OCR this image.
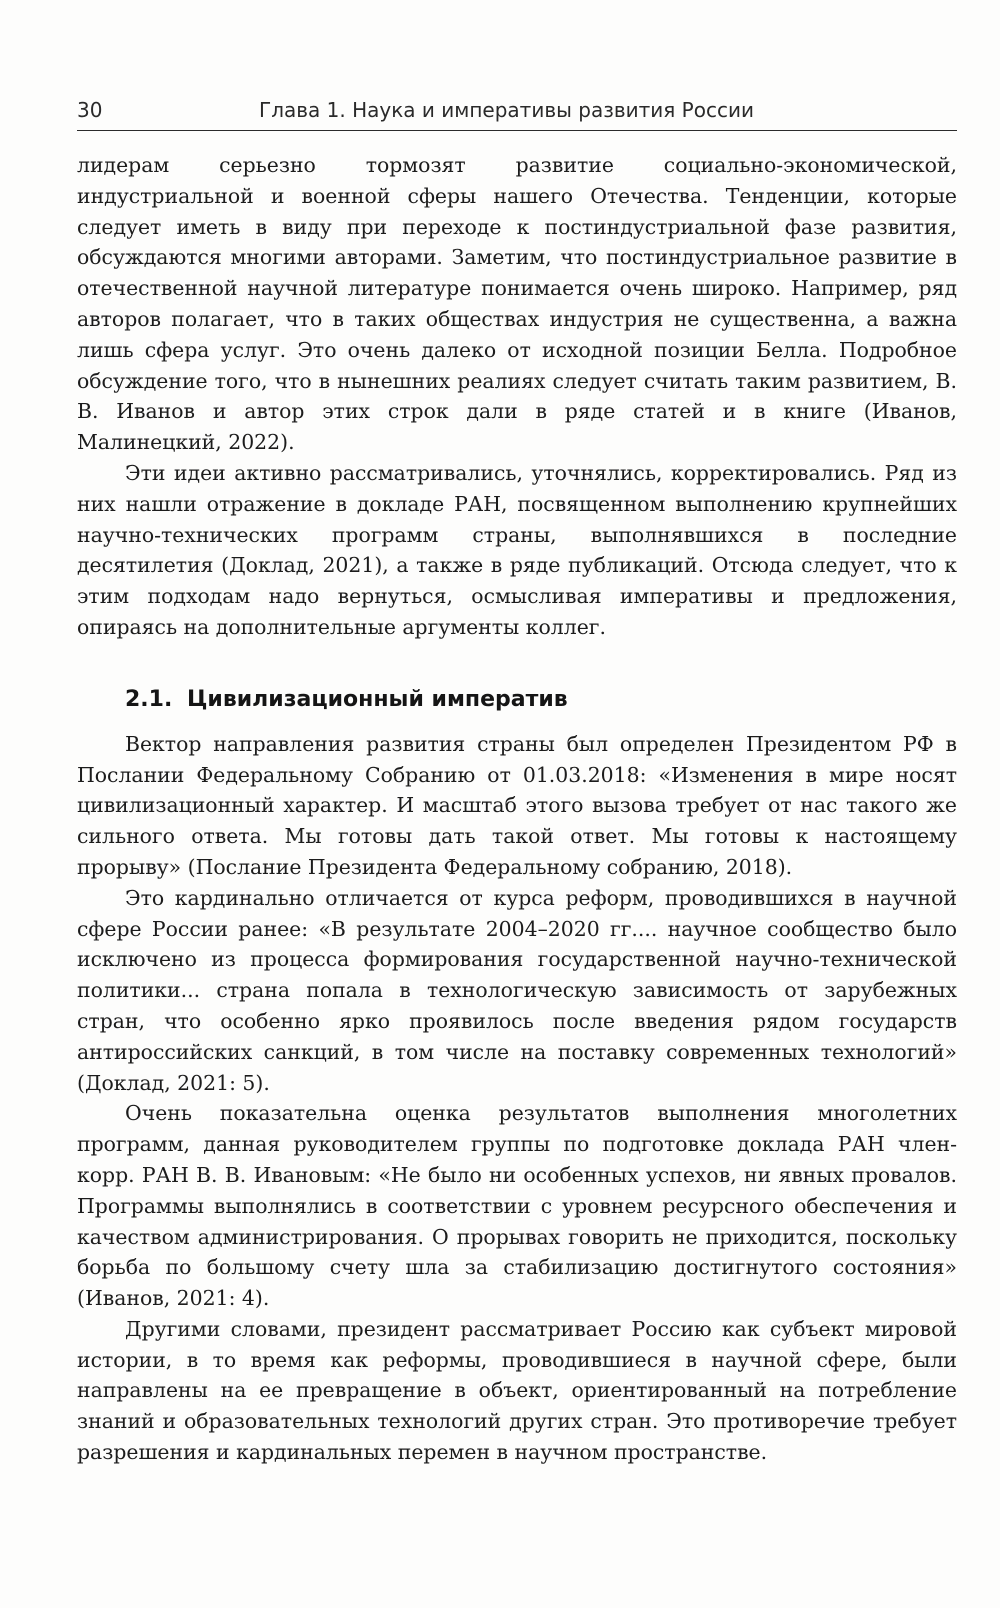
30	Глава 1. Наука и императивы развития России

лидерам серьезно тормозят развитие социально-экономической, индустриальной и военной сферы нашего Отечества. Тенденции, которые следует иметь в виду при переходе к постиндустриальной фазе развития, обсуждаются многими авторами. Заметим, что постиндустриальное развитие в отечественной научной литературе понимается очень широко. Например, ряд авторов полагает, что в таких обществах индустрия не существенна, а важна лишь сфера услуг. Это очень далеко от исходной позиции Белла. Подробное обсуждение того, что в нынешних реалиях следует считать таким развитием, В. В. Иванов и автор этих строк дали в ряде статей и в книге (Иванов, Малинецкий, 2022).

Эти идеи активно рассматривались, уточнялись, корректировались. Ряд из них нашли отражение в докладе РАН, посвященном выполнению крупнейших научно-технических программ страны, выполнявшихся в последние десятилетия (Доклад, 2021), а также в ряде публикаций. Отсюда следует, что к этим подходам надо вернуться, осмысливая императивы и предложения, опираясь на дополнительные аргументы коллег.

2.1. Цивилизационный императив

Вектор направления развития страны был определен Президентом РФ в Послании Федеральному Собранию от 01.03.2018: «Изменения в мире носят цивилизационный характер. И масштаб этого вызова требует от нас такого же сильного ответа. Мы готовы дать такой ответ. Мы готовы к настоящему прорыву» (Послание Президента Федеральному собранию, 2018).

Это кардинально отличается от курса реформ, проводившихся в научной сфере России ранее: «В результате 2004–2020 гг.... научное сообщество было исключено из процесса формирования государственной научно-технической политики... страна попала в технологическую зависимость от зарубежных стран, что особенно ярко проявилось после введения рядом государств антироссийских санкций, в том числе на поставку современных технологий» (Доклад, 2021: 5).

Очень показательна оценка результатов выполнения многолетних программ, данная руководителем группы по подготовке доклада РАН член-корр. РАН В. В. Ивановым: «Не было ни особенных успехов, ни явных провалов. Программы выполнялись в соответствии с уровнем ресурсного обеспечения и качеством администрирования. О прорывах говорить не приходится, поскольку борьба по большому счету шла за стабилизацию достигнутого состояния» (Иванов, 2021: 4).

Другими словами, президент рассматривает Россию как субъект мировой истории, в то время как реформы, проводившиеся в научной сфере, были направлены на ее превращение в объект, ориентированный на потребление знаний и образовательных технологий других стран. Это противоречие требует разрешения и кардинальных перемен в научном пространстве.
